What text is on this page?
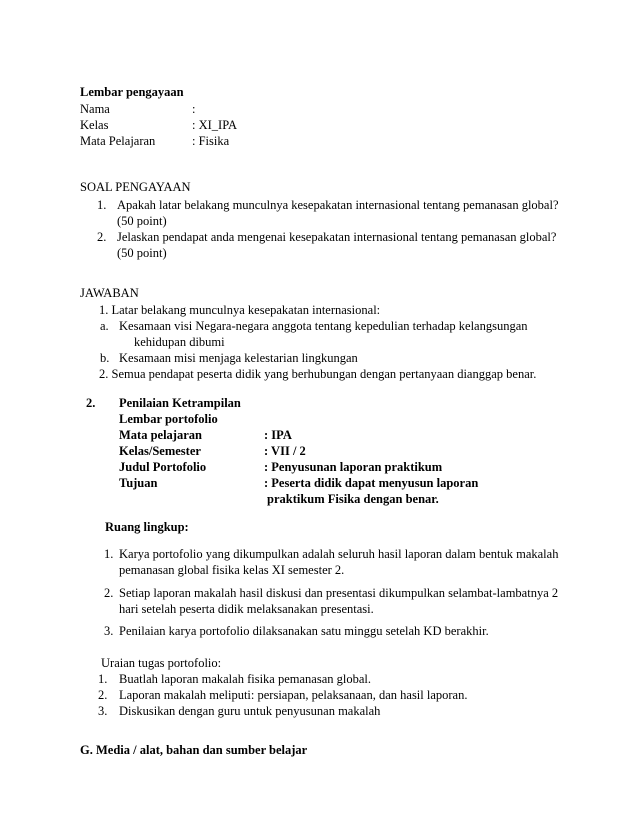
Lembar pengayaan
Nama	:
Kelas	: XI_IPA
Mata Pelajaran	: Fisika
SOAL PENGAYAAN
1. Apakah latar belakang munculnya kesepakatan internasional tentang pemanasan global?
(50 point)
2. Jelaskan pendapat anda mengenai kesepakatan internasional tentang pemanasan global?
(50 point)
JAWABAN
1. Latar belakang munculnya kesepakatan internasional:
a. Kesamaan visi Negara-negara anggota tentang kepedulian terhadap kelangsungan
kehidupan dibumi
b. Kesamaan misi menjaga kelestarian lingkungan
2. Semua pendapat peserta didik yang berhubungan dengan pertanyaan dianggap benar.
2. Penilaian Ketrampilan
Lembar portofolio
Mata pelajaran	: IPA
Kelas/Semester	: VII / 2
Judul Portofolio	: Penyusunan laporan praktikum
Tujuan	: Peserta didik dapat menyusun laporan
praktikum Fisika dengan benar.
Ruang lingkup:
1. Karya portofolio yang dikumpulkan adalah seluruh hasil laporan dalam bentuk makalah
pemanasan global fisika kelas XI semester 2.
2. Setiap laporan makalah hasil diskusi dan presentasi dikumpulkan selambat-lambatnya 2
hari setelah peserta didik melaksanakan presentasi.
3. Penilaian karya portofolio dilaksanakan satu minggu setelah KD berakhir.
Uraian tugas portofolio:
1. Buatlah laporan makalah fisika pemanasan global.
2. Laporan makalah meliputi: persiapan, pelaksanaan, dan hasil laporan.
3. Diskusikan dengan guru untuk penyusunan makalah
G. Media / alat, bahan dan sumber belajar
